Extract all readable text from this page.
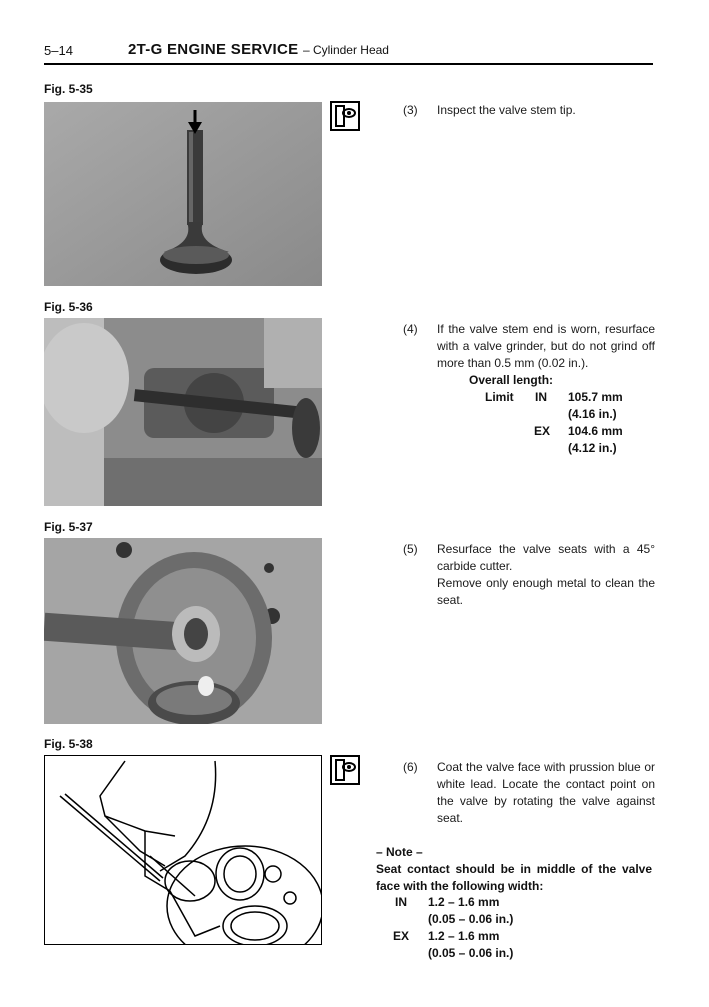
5–14	2T-G ENGINE SERVICE – Cylinder Head
Fig. 5-35
(3) Inspect the valve stem tip.
Fig. 5-36
(4) If the valve stem end is worn, resurface with a valve grinder, but do not grind off more than 0.5 mm (0.02 in.).
Overall length:
Limit IN 105.7 mm
(4.16 in.)
EX 104.6 mm
(4.12 in.)
Fig. 5-37
(5) Resurface the valve seats with a 45° carbide cutter.
Remove only enough metal to clean the seat.
Fig. 5-38
(6) Coat the valve face with prussion blue or white lead. Locate the contact point on the valve by rotating the valve against seat.
– Note –
Seat contact should be in middle of the valve face with the following width:
IN 1.2 – 1.6 mm
(0.05 – 0.06 in.)
EX 1.2 – 1.6 mm
(0.05 – 0.06 in.)
